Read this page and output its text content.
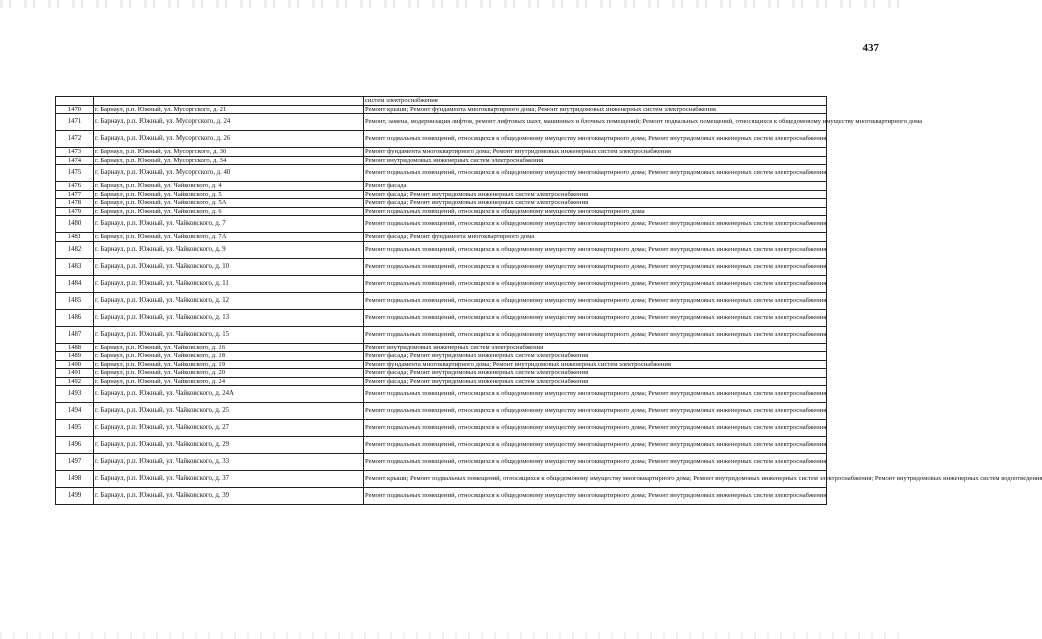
437
		систем электроснабжения
1470	г. Барнаул, р.п. Южный, ул. Мусоргского, д. 21	Ремонт крыши; Ремонт фундамента многоквартирного дома; Ремонт внутридомовых инженерных систем электроснабжения
1471	г. Барнаул, р.п. Южный, ул. Мусоргского, д. 24	Ремонт, замена, модернизация лифтов, ремонт лифтовых шахт, машинных и блочных помещений; Ремонт подвальных помещений, относящихся к общедомовому имуществу многоквартирного дома
1472	г. Барнаул, р.п. Южный, ул. Мусоргского, д. 26	Ремонт подвальных помещений, относящихся к общедомовому имуществу многоквартирного дома; Ремонт внутридомовых инженерных систем электроснабжения
1473	г. Барнаул, р.п. Южный, ул. Мусоргского, д. 30	Ремонт фундамента многоквартирного дома; Ремонт внутридомовых инженерных систем электроснабжения
1474	г. Барнаул, р.п. Южный, ул. Мусоргского, д. 34	Ремонт внутридомовых инженерных систем электроснабжения
1475	г. Барнаул, р.п. Южный, ул. Мусоргского, д. 40	Ремонт подвальных помещений, относящихся к общедомовому имуществу многоквартирного дома; Ремонт внутридомовых инженерных систем электроснабжения
1476	г. Барнаул, р.п. Южный, ул. Чайковского, д. 4	Ремонт фасада
1477	г. Барнаул, р.п. Южный, ул. Чайковского, д. 5	Ремонт фасада; Ремонт внутридомовых инженерных систем электроснабжения
1478	г. Барнаул, р.п. Южный, ул. Чайковского, д. 5А	Ремонт фасада; Ремонт внутридомовых инженерных систем электроснабжения
1479	г. Барнаул, р.п. Южный, ул. Чайковского, д. 6	Ремонт подвальных помещений, относящихся к общедомовому имуществу многоквартирного дома
1480	г. Барнаул, р.п. Южный, ул. Чайковского, д. 7	Ремонт подвальных помещений, относящихся к общедомовому имуществу многоквартирного дома; Ремонт внутридомовых инженерных систем электроснабжения
1481	г. Барнаул, р.п. Южный, ул. Чайковского, д. 7А	Ремонт фасада; Ремонт фундамента многоквартирного дома
1482	г. Барнаул, р.п. Южный, ул. Чайковского, д. 9	Ремонт подвальных помещений, относящихся к общедомовому имуществу многоквартирного дома; Ремонт внутридомовых инженерных систем электроснабжения
1483	г. Барнаул, р.п. Южный, ул. Чайковского, д. 10	Ремонт подвальных помещений, относящихся к общедомовому имуществу многоквартирного дома; Ремонт внутридомовых инженерных систем электроснабжения
1484	г. Барнаул, р.п. Южный, ул. Чайковского, д. 11	Ремонт подвальных помещений, относящихся к общедомовому имуществу многоквартирного дома; Ремонт внутридомовых инженерных систем электроснабжения
1485	г. Барнаул, р.п. Южный, ул. Чайковского, д. 12	Ремонт подвальных помещений, относящихся к общедомовому имуществу многоквартирного дома; Ремонт внутридомовых инженерных систем электроснабжения
1486	г. Барнаул, р.п. Южный, ул. Чайковского, д. 13	Ремонт подвальных помещений, относящихся к общедомовому имуществу многоквартирного дома; Ремонт внутридомовых инженерных систем электроснабжения
1487	г. Барнаул, р.п. Южный, ул. Чайковского, д. 15	Ремонт подвальных помещений, относящихся к общедомовому имуществу многоквартирного дома; Ремонт внутридомовых инженерных систем электроснабжения
1488	г. Барнаул, р.п. Южный, ул. Чайковского, д. 16	Ремонт внутридомовых инженерных систем электроснабжения
1489	г. Барнаул, р.п. Южный, ул. Чайковского, д. 18	Ремонт фасада; Ремонт внутридомовых инженерных систем электроснабжения
1490	г. Барнаул, р.п. Южный, ул. Чайковского, д. 19	Ремонт фундамента многоквартирного дома; Ремонт внутридомовых инженерных систем электроснабжения
1491	г. Барнаул, р.п. Южный, ул. Чайковского, д. 20	Ремонт фасада; Ремонт внутридомовых инженерных систем электроснабжения
1492	г. Барнаул, р.п. Южный, ул. Чайковского, д. 24	Ремонт фасада; Ремонт внутридомовых инженерных систем электроснабжения
1493	г. Барнаул, р.п. Южный, ул. Чайковского, д. 24А	Ремонт подвальных помещений, относящихся к общедомовому имуществу многоквартирного дома; Ремонт внутридомовых инженерных систем электроснабжения
1494	г. Барнаул, р.п. Южный, ул. Чайковского, д. 25	Ремонт подвальных помещений, относящихся к общедомовому имуществу многоквартирного дома; Ремонт внутридомовых инженерных систем электроснабжения
1495	г. Барнаул, р.п. Южный, ул. Чайковского, д. 27	Ремонт подвальных помещений, относящихся к общедомовому имуществу многоквартирного дома; Ремонт внутридомовых инженерных систем электроснабжения
1496	г. Барнаул, р.п. Южный, ул. Чайковского, д. 29	Ремонт подвальных помещений, относящихся к общедомовому имуществу многоквартирного дома; Ремонт внутридомовых инженерных систем электроснабжения
1497	г. Барнаул, р.п. Южный, ул. Чайковского, д. 33	Ремонт подвальных помещений, относящихся к общедомовому имуществу многоквартирного дома; Ремонт внутридомовых инженерных систем электроснабжения
1498	г. Барнаул, р.п. Южный, ул. Чайковского, д. 37	Ремонт крыши; Ремонт подвальных помещений, относящихся к общедомовому имуществу многоквартирного дома; Ремонт внутридомовых инженерных систем электроснабжения; Ремонт внутридомовых инженерных систем водоотведения
1499	г. Барнаул, р.п. Южный, ул. Чайковского, д. 39	Ремонт подвальных помещений, относящихся к общедомовому имуществу многоквартирного дома; Ремонт внутридомовых инженерных систем электроснабжения
